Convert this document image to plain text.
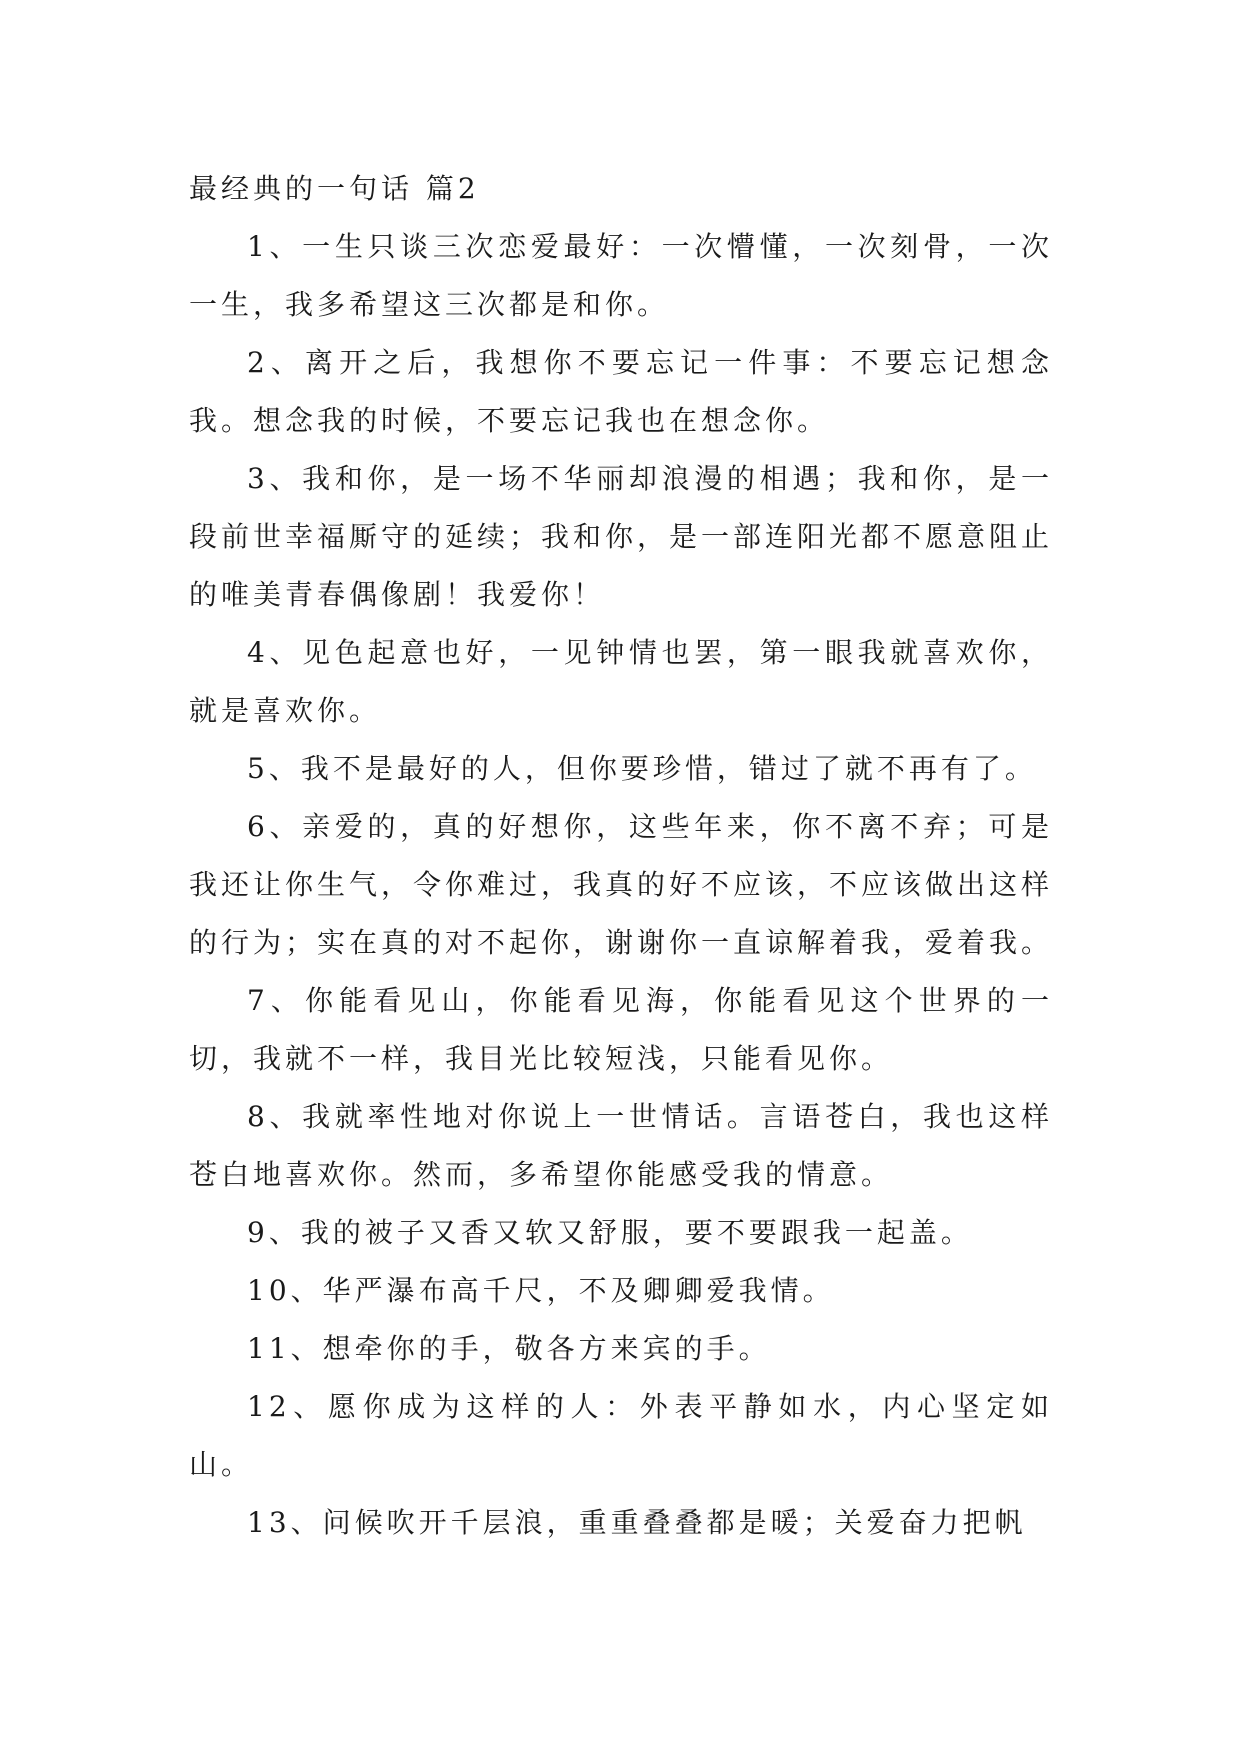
最经典的一句话 篇2

1、一生只谈三次恋爱最好：一次懵懂，一次刻骨，一次一生，我多希望这三次都是和你。

2、离开之后，我想你不要忘记一件事：不要忘记想念我。想念我的时候，不要忘记我也在想念你。

3、我和你，是一场不华丽却浪漫的相遇；我和你，是一段前世幸福厮守的延续；我和你，是一部连阳光都不愿意阻止的唯美青春偶像剧！我爱你！

4、见色起意也好，一见钟情也罢，第一眼我就喜欢你，就是喜欢你。

5、我不是最好的人，但你要珍惜，错过了就不再有了。

6、亲爱的，真的好想你，这些年来，你不离不弃；可是我还让你生气，令你难过，我真的好不应该，不应该做出这样的行为；实在真的对不起你，谢谢你一直谅解着我，爱着我。

7、你能看见山，你能看见海，你能看见这个世界的一切，我就不一样，我目光比较短浅，只能看见你。

8、我就率性地对你说上一世情话。言语苍白，我也这样苍白地喜欢你。然而，多希望你能感受我的情意。

9、我的被子又香又软又舒服，要不要跟我一起盖。

10、华严瀑布高千尺，不及卿卿爱我情。

11、想牵你的手，敬各方来宾的手。

12、愿你成为这样的人：外表平静如水，内心坚定如山。

13、问候吹开千层浪，重重叠叠都是暖；关爱奋力把帆
